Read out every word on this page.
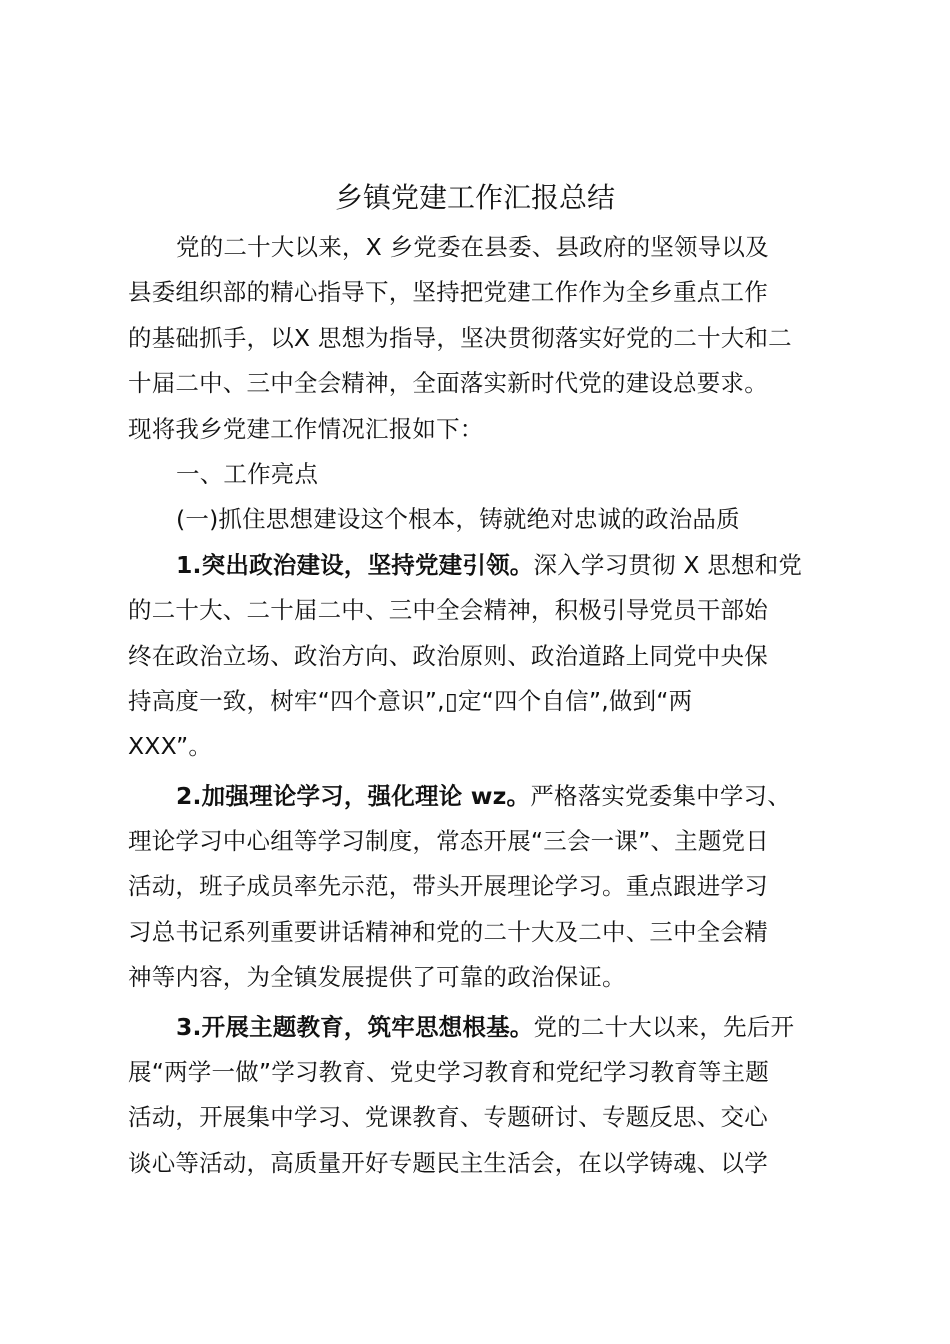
乡镇党建工作汇报总结
党的二十大以来，X 乡党委在县委、县政府的坚领导以及
县委组织部的精心指导下，坚持把党建工作作为全乡重点工作
的基础抓手，以X 思想为指导，坚决贯彻落实好党的二十大和二
十届二中、三中全会精神，全面落实新时代党的建设总要求。
现将我乡党建工作情况汇报如下：
一、工作亮点
(一)抓住思想建设这个根本，铸就绝对忠诚的政治品质
1.突出政治建设，坚持党建引领。深入学习贯彻 X 思想和党
的二十大、二十届二中、三中全会精神，积极引导党员干部始
终在政治立场、政治方向、政治原则、政治道路上同党中央保
持高度一致，树牢“四个意识”,▯定“四个自信”,做到“两
XXX”。
2.加强理论学习，强化理论 wz。严格落实党委集中学习、
理论学习中心组等学习制度，常态开展“三会一课”、主题党日
活动，班子成员率先示范，带头开展理论学习。重点跟进学习
习总书记系列重要讲话精神和党的二十大及二中、三中全会精
神等内容，为全镇发展提供了可靠的政治保证。
3.开展主题教育，筑牢思想根基。党的二十大以来，先后开
展“两学一做”学习教育、党史学习教育和党纪学习教育等主题
活动，开展集中学习、党课教育、专题研讨、专题反思、交心
谈心等活动，高质量开好专题民主生活会，在以学铸魂、以学
